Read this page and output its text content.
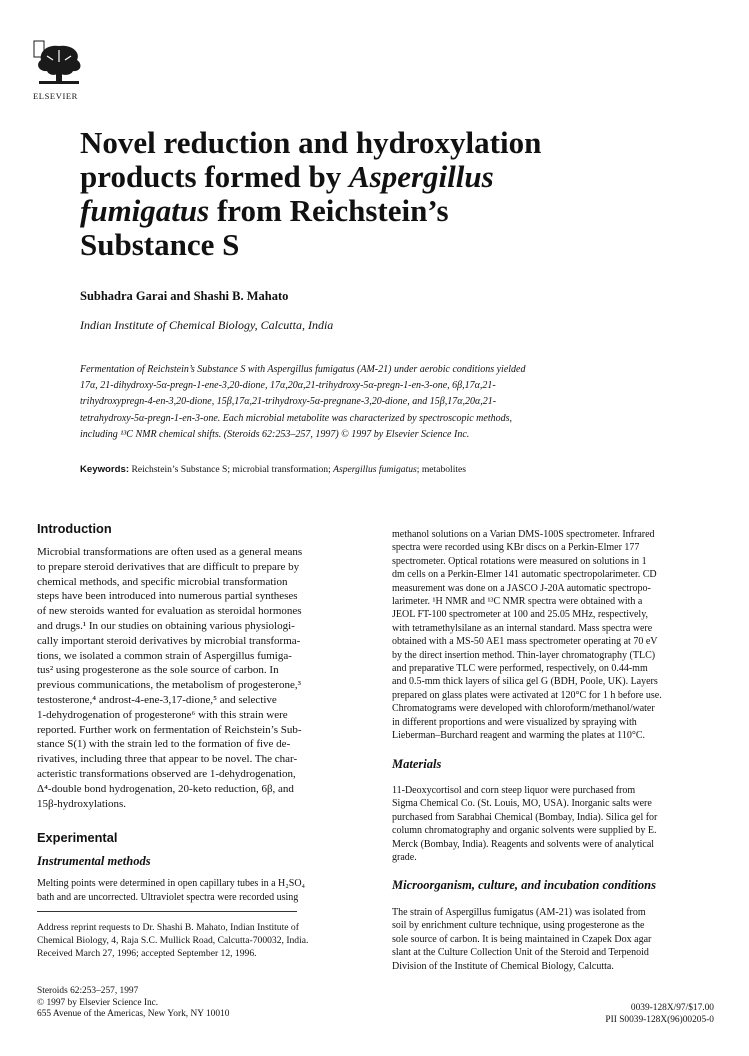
ELSEVIER
Novel reduction and hydroxylation
products formed by Aspergillus
fumigatus from Reichstein’s
Substance S
Subhadra Garai and Shashi B. Mahato
Indian Institute of Chemical Biology, Calcutta, India
Fermentation of Reichstein’s Substance S with Aspergillus fumigatus (AM-21) under aerobic conditions yielded
17α, 21-dihydroxy-5α-pregn-1-ene-3,20-dione, 17α,20α,21-trihydroxy-5α-pregn-1-en-3-one, 6β,17α,21-
trihydroxypregn-4-en-3,20-dione, 15β,17α,21-trihydroxy-5α-pregnane-3,20-dione, and 15β,17α,20α,21-
tetrahydroxy-5α-pregn-1-en-3-one. Each microbial metabolite was characterized by spectroscopic methods,
including ¹³C NMR chemical shifts. (Steroids 62:253–257, 1997) © 1997 by Elsevier Science Inc.
Keywords: Reichstein’s Substance S; microbial transformation; Aspergillus fumigatus; metabolites
Introduction
Microbial transformations are often used as a general means
to prepare steroid derivatives that are difficult to prepare by
chemical methods, and specific microbial transformation
steps have been introduced into numerous partial syntheses
of new steroids wanted for evaluation as steroidal hormones
and drugs.¹ In our studies on obtaining various physiologi-
cally important steroid derivatives by microbial transforma-
tions, we isolated a common strain of Aspergillus fumiga-
tus² using progesterone as the sole source of carbon. In
previous communications, the metabolism of progesterone,³
testosterone,⁴ androst-4-ene-3,17-dione,⁵ and selective
1-dehydrogenation of progesterone⁶ with this strain were
reported. Further work on fermentation of Reichstein’s Sub-
stance S(1) with the strain led to the formation of five de-
rivatives, including three that appear to be novel. The char-
acteristic transformations observed are 1-dehydrogenation,
Δ⁴-double bond hydrogenation, 20-keto reduction, 6β, and
15β-hydroxylations.
Experimental
Instrumental methods
Melting points were determined in open capillary tubes in a H₂SO₄
bath and are uncorrected. Ultraviolet spectra were recorded using
Address reprint requests to Dr. Shashi B. Mahato, Indian Institute of
Chemical Biology, 4, Raja S.C. Mullick Road, Calcutta-700032, India.
Received March 27, 1996; accepted September 12, 1996.
methanol solutions on a Varian DMS-100S spectrometer. Infrared
spectra were recorded using KBr discs on a Perkin-Elmer 177
spectrometer. Optical rotations were measured on solutions in 1
dm cells on a Perkin-Elmer 141 automatic spectropolarimeter. CD
measurement was done on a JASCO J-20A automatic spectropo-
larimeter. ¹H NMR and ¹³C NMR spectra were obtained with a
JEOL FT-100 spectrometer at 100 and 25.05 MHz, respectively,
with tetramethylsilane as an internal standard. Mass spectra were
obtained with a MS-50 AE1 mass spectrometer operating at 70 eV
by the direct insertion method. Thin-layer chromatography (TLC)
and preparative TLC were performed, respectively, on 0.44-mm
and 0.5-mm thick layers of silica gel G (BDH, Poole, UK). Layers
prepared on glass plates were activated at 120°C for 1 h before use.
Chromatograms were developed with chloroform/methanol/water
in different proportions and were visualized by spraying with
Lieberman–Burchard reagent and warming the plates at 110°C.
Materials
11-Deoxycortisol and corn steep liquor were purchased from
Sigma Chemical Co. (St. Louis, MO, USA). Inorganic salts were
purchased from Sarabhai Chemical (Bombay, India). Silica gel for
column chromatography and organic solvents were supplied by E.
Merck (Bombay, India). Reagents and solvents were of analytical
grade.
Microorganism, culture, and incubation conditions
The strain of Aspergillus fumigatus (AM-21) was isolated from
soil by enrichment culture technique, using progesterone as the
sole source of carbon. It is being maintained in Czapek Dox agar
slant at the Culture Collection Unit of the Steroid and Terpenoid
Division of the Institute of Chemical Biology, Calcutta.
Steroids 62:253–257, 1997
© 1997 by Elsevier Science Inc.
655 Avenue of the Americas, New York, NY 10010
0039-128X/97/$17.00
PII S0039-128X(96)00205-0
